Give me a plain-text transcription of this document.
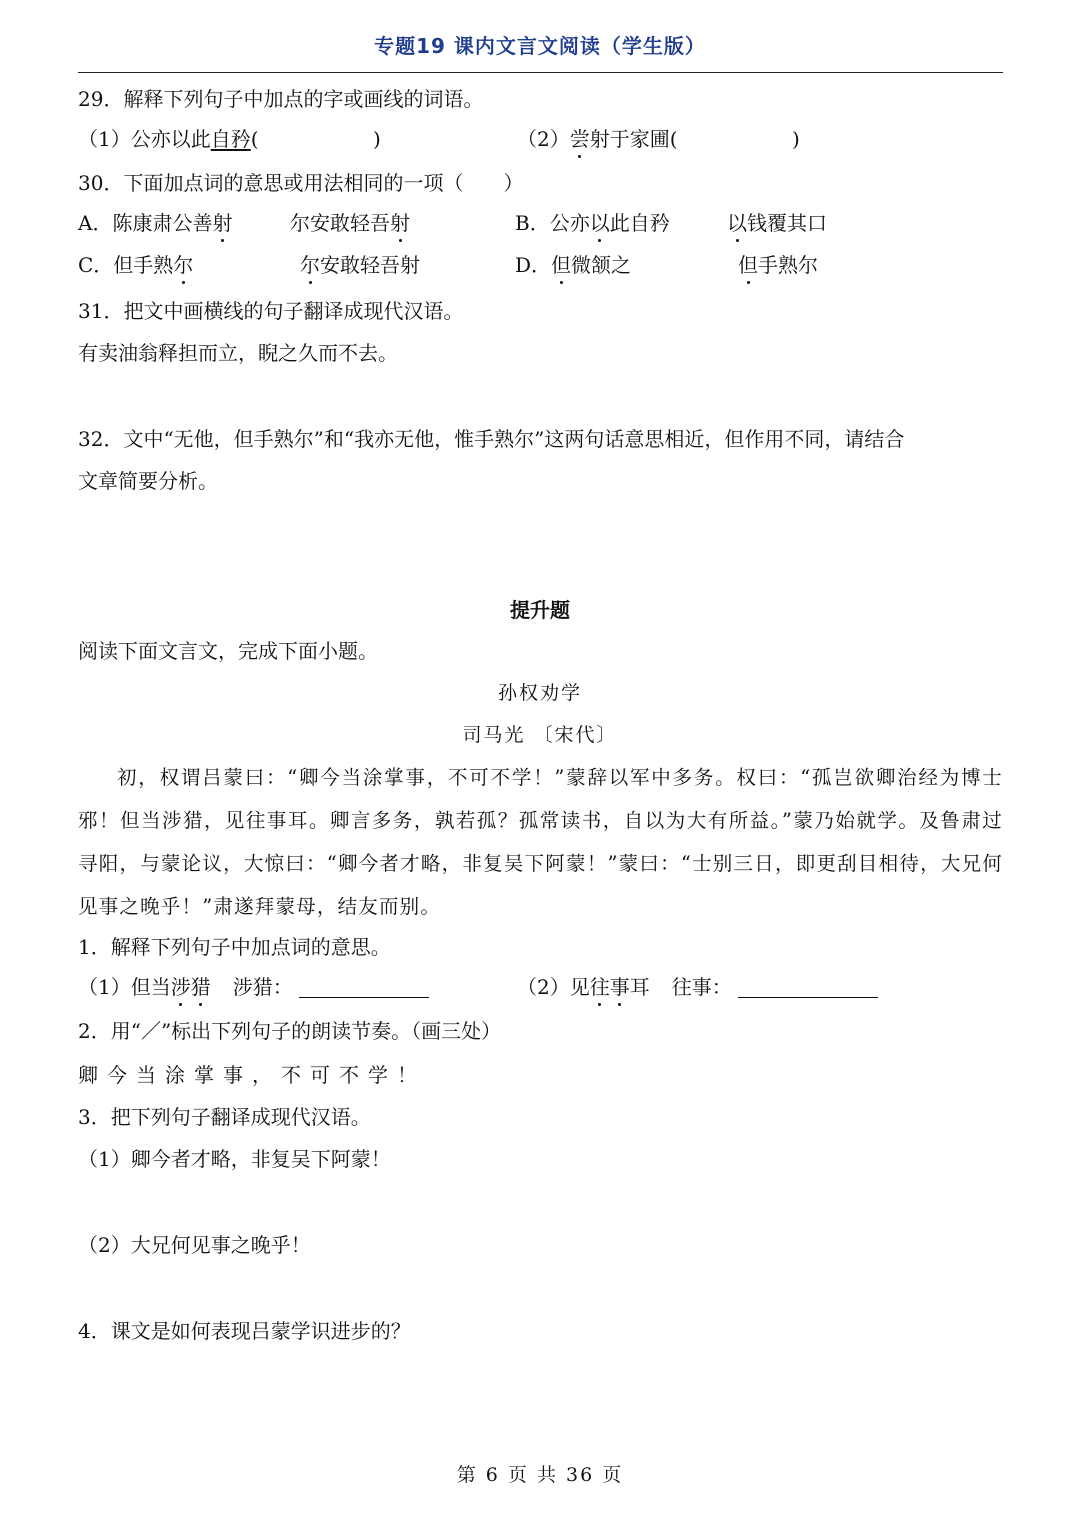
专题19 课内文言文阅读（学生版）
29．解释下列句子中加点的字或画线的词语。
（1）公亦以此自矜(                  )	（2）尝射于家圃(                  )
30．下面加点词的意思或用法相同的一项（　　）
A．陈康肃公善射	尔安敢轻吾射	B．公亦以此自矜	以钱覆其口
C．但手熟尔	尔安敢轻吾射	D．但微颔之	但手熟尔
31．把文中画横线的句子翻译成现代汉语。
有卖油翁释担而立，睨之久而不去。
32．文中“无他，但手熟尔”和“我亦无他，惟手熟尔”这两句话意思相近，但作用不同，请结合
文章简要分析。
提升题
阅读下面文言文，完成下面小题。
孙权劝学
司马光 〔宋代〕

初，权谓吕蒙曰：“卿今当涂掌事，不可不学！”蒙辞以军中多务。权曰：“孤岂欲卿治经为博士邪！但当涉猎，见往事耳。卿言多务，孰若孤？孤常读书，自以为大有所益。”蒙乃始就学。及鲁肃过寻阳，与蒙论议，大惊曰：“卿今者才略，非复吴下阿蒙！”蒙曰：“士别三日，即更刮目相待，大兄何见事之晚乎！”肃遂拜蒙母，结友而别。

1．解释下列句子中加点词的意思。
（1）但当涉猎 涉猎：	（2）见往事耳 往事：
2．用“／”标出下列句子的朗读节奏。（画三处）
卿今当涂掌事，不可不学！
3．把下列句子翻译成现代汉语。
（1）卿今者才略，非复吴下阿蒙！
（2）大兄何见事之晚乎！
4．课文是如何表现吕蒙学识进步的？
第 6 页 共 36 页
